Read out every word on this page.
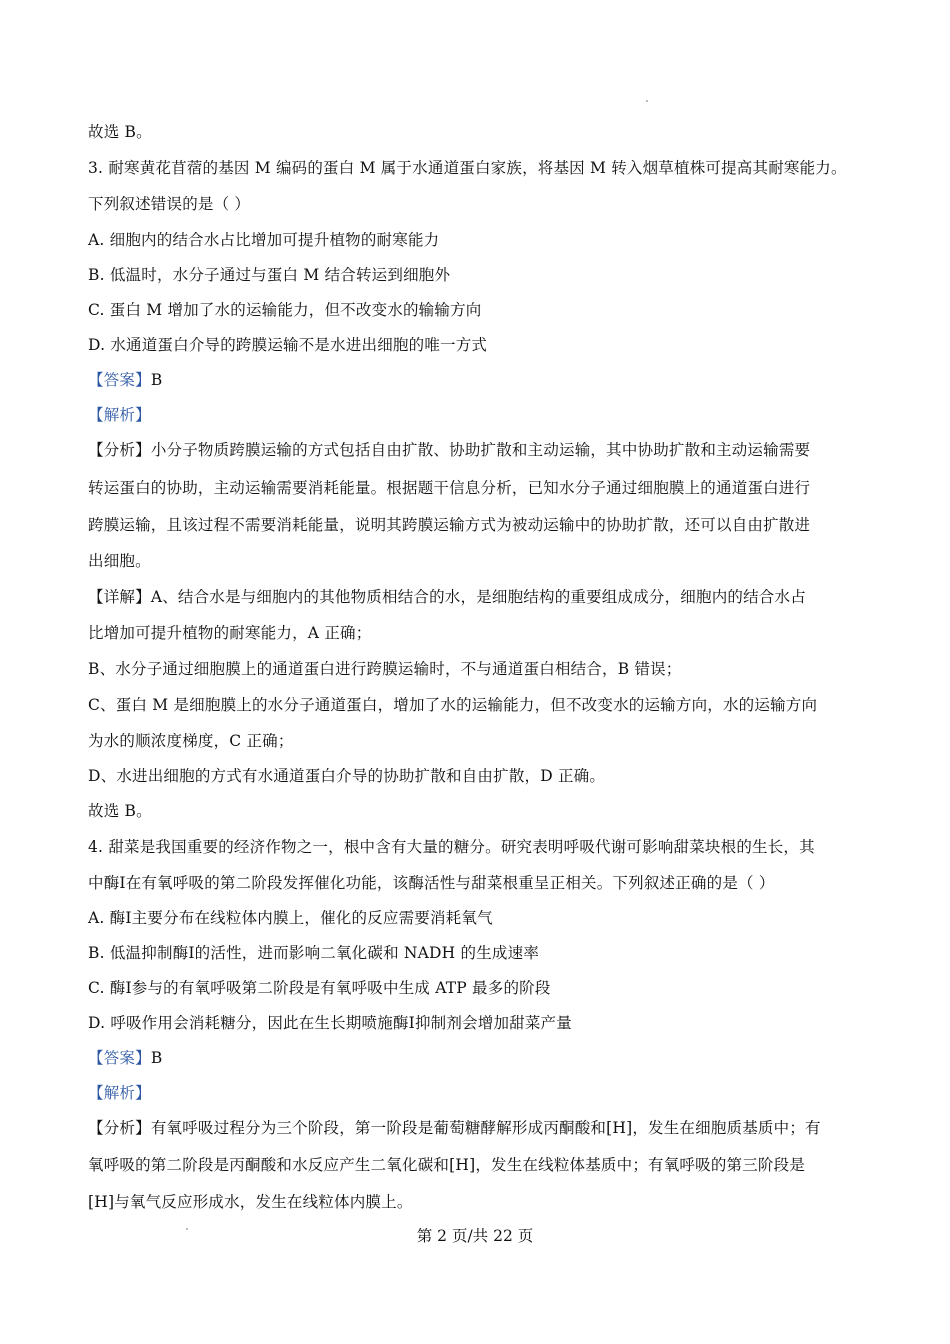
故选 B。
3. 耐寒黄花苜蓿的基因 M 编码的蛋白 M 属于水通道蛋白家族，将基因 M 转入烟草植株可提高其耐寒能力。
下列叙述错误的是（ ）
A. 细胞内的结合水占比增加可提升植物的耐寒能力
B. 低温时，水分子通过与蛋白 M 结合转运到细胞外
C. 蛋白 M 增加了水的运输能力，但不改变水的输输方向
D. 水通道蛋白介导的跨膜运输不是水进出细胞的唯一方式
【答案】B
【解析】
【分析】小分子物质跨膜运输的方式包括自由扩散、协助扩散和主动运输，其中协助扩散和主动运输需要
转运蛋白的协助，主动运输需要消耗能量。根据题干信息分析，已知水分子通过细胞膜上的通道蛋白进行
跨膜运输，且该过程不需要消耗能量，说明其跨膜运输方式为被动运输中的协助扩散，还可以自由扩散进
出细胞。
【详解】A、结合水是与细胞内的其他物质相结合的水，是细胞结构的重要组成成分，细胞内的结合水占
比增加可提升植物的耐寒能力，A 正确；
B、水分子通过细胞膜上的通道蛋白进行跨膜运输时，不与通道蛋白相结合，B 错误；
C、蛋白 M 是细胞膜上的水分子通道蛋白，增加了水的运输能力，但不改变水的运输方向，水的运输方向
为水的顺浓度梯度，C 正确；
D、水进出细胞的方式有水通道蛋白介导的协助扩散和自由扩散，D 正确。
故选 B。
4. 甜菜是我国重要的经济作物之一，根中含有大量的糖分。研究表明呼吸代谢可影响甜菜块根的生长，其
中酶Ⅰ在有氧呼吸的第二阶段发挥催化功能，该酶活性与甜菜根重呈正相关。下列叙述正确的是（ ）
A. 酶Ⅰ主要分布在线粒体内膜上，催化的反应需要消耗氧气
B. 低温抑制酶Ⅰ的活性，进而影响二氧化碳和 NADH 的生成速率
C. 酶Ⅰ参与的有氧呼吸第二阶段是有氧呼吸中生成 ATP 最多的阶段
D. 呼吸作用会消耗糖分，因此在生长期喷施酶Ⅰ抑制剂会增加甜菜产量
【答案】B
【解析】
【分析】有氧呼吸过程分为三个阶段，第一阶段是葡萄糖酵解形成丙酮酸和[H]，发生在细胞质基质中；有
氧呼吸的第二阶段是丙酮酸和水反应产生二氧化碳和[H]，发生在线粒体基质中；有氧呼吸的第三阶段是
[H]与氧气反应形成水，发生在线粒体内膜上。
第 2 页/共 22 页
